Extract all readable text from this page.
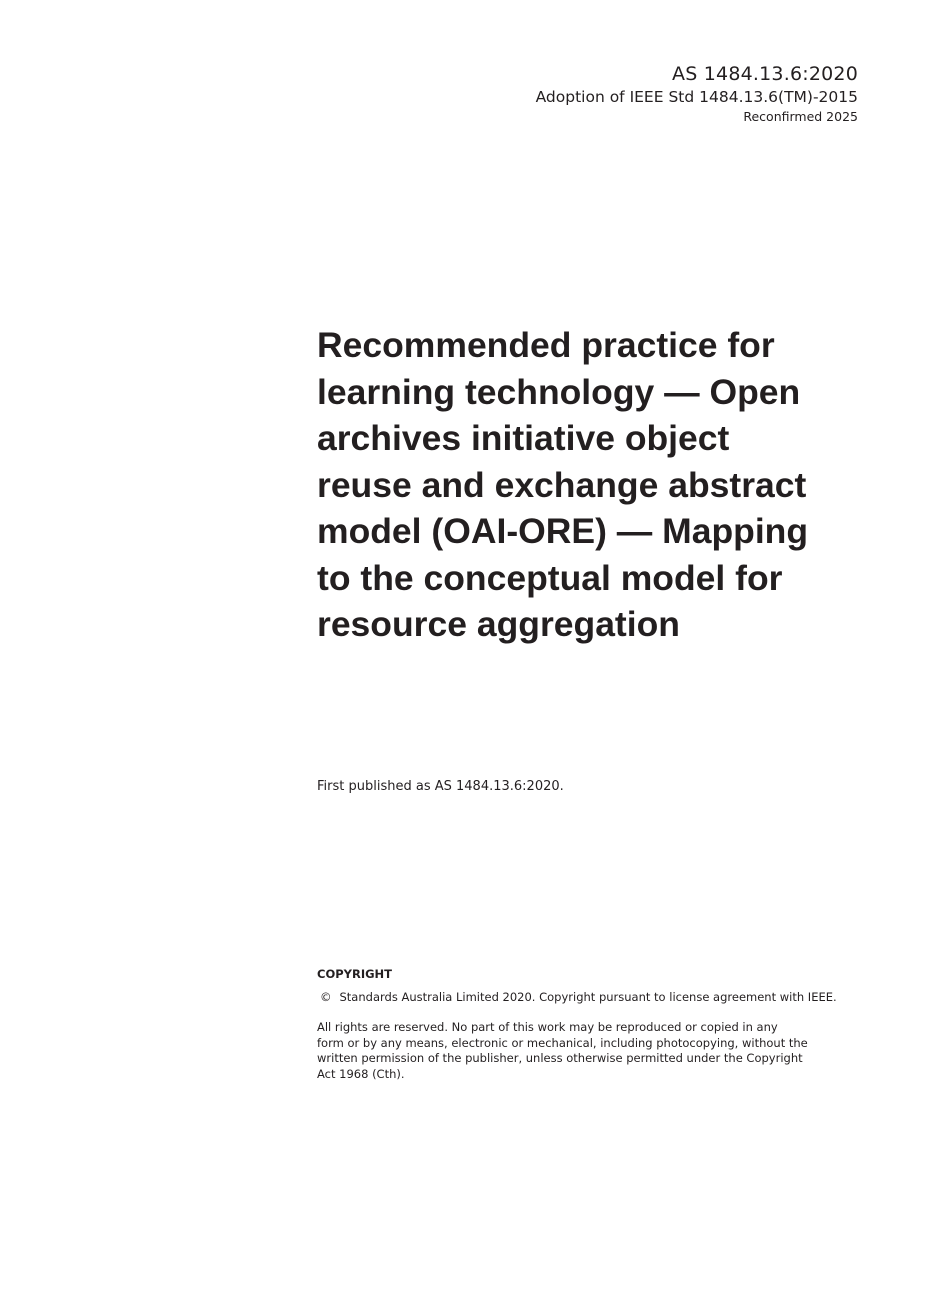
AS 1484.13.6:2020
Adoption of IEEE Std 1484.13.6(TM)-2015
Reconfirmed 2025
Recommended practice for
learning technology — Open
archives initiative object
reuse and exchange abstract
model (OAI-ORE) — Mapping
to the conceptual model for
resource aggregation
First published as AS 1484.13.6:2020.
COPYRIGHT
© Standards Australia Limited 2020. Copyright pursuant to license agreement with IEEE.
All rights are reserved. No part of this work may be reproduced or copied in any
form or by any means, electronic or mechanical, including photocopying, without the
written permission of the publisher, unless otherwise permitted under the Copyright
Act 1968 (Cth).
